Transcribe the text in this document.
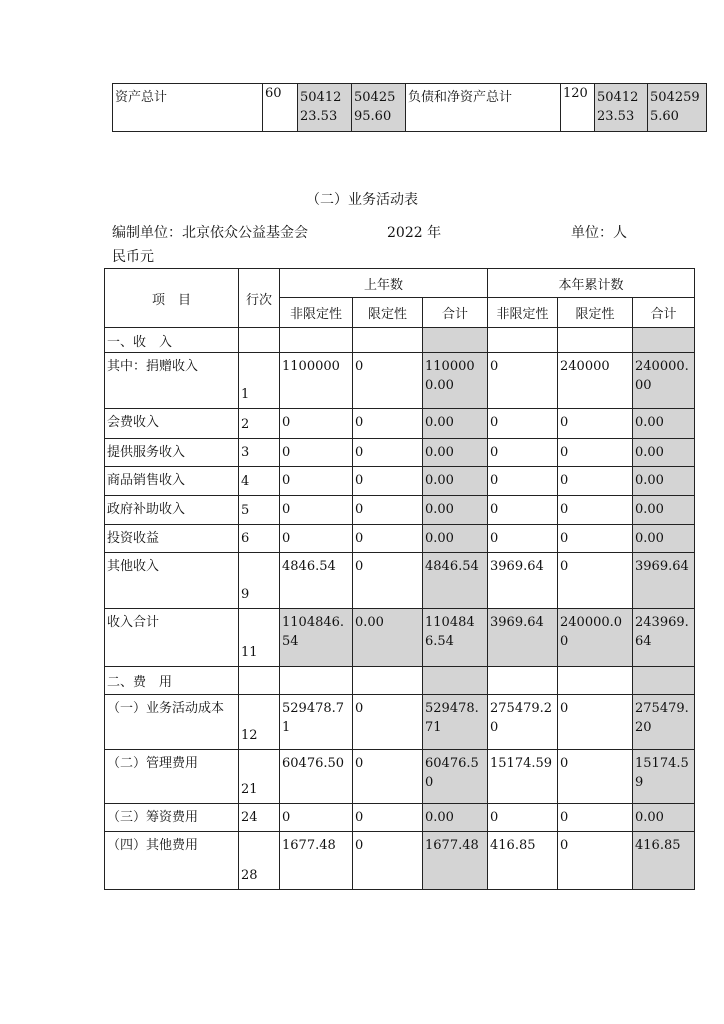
资产总计	60	5041223.53	5042595.60	负债和净资产总计	120	5041223.53	5042595.60
（二）业务活动表
编制单位：北京依众公益基金会	2022 年	单位：人
民币元
项　目	行次	上年数			本年累计数		
		非限定性	限定性	合计	非限定性	限定性	合计
一、收　入							
其中：捐赠收入	1	1100000	0	1100000.00	0	240000	240000.00
会费收入	2	0	0	0.00	0	0	0.00
提供服务收入	3	0	0	0.00	0	0	0.00
商品销售收入	4	0	0	0.00	0	0	0.00
政府补助收入	5	0	0	0.00	0	0	0.00
投资收益	6	0	0	0.00	0	0	0.00
其他收入	9	4846.54	0	4846.54	3969.64	0	3969.64
收入合计	11	1104846.54	0.00	1104846.54	3969.64	240000.00	243969.64
二、费　用							
（一）业务活动成本	12	529478.71	0	529478.71	275479.20	0	275479.20
（二）管理费用	21	60476.50	0	60476.50	15174.59	0	15174.59
（三）筹资费用	24	0	0	0.00	0	0	0.00
（四）其他费用	28	1677.48	0	1677.48	416.85	0	416.85
